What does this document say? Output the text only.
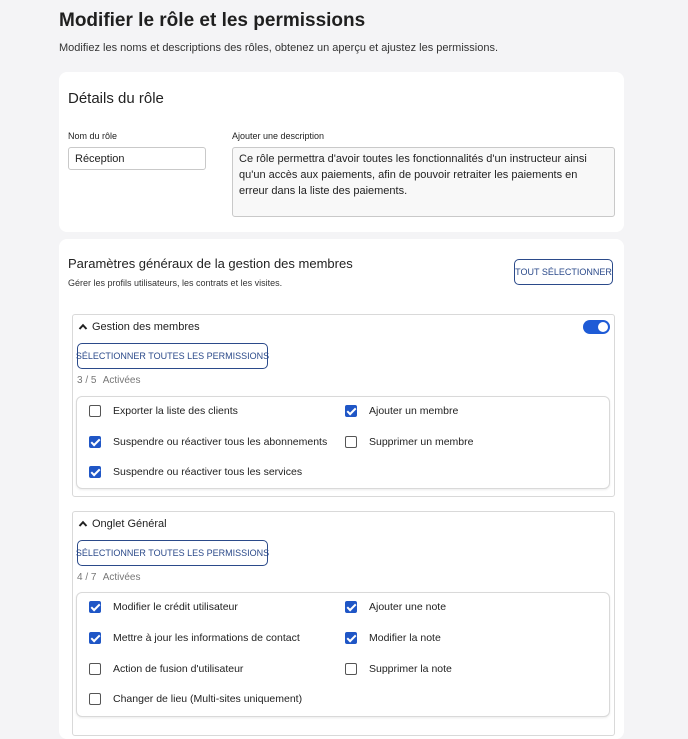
Modifier le rôle et les permissions
Modifiez les noms et descriptions des rôles, obtenez un aperçu et ajustez les permissions.
Détails du rôle
Nom du rôle
Réception
Ajouter une description
Ce rôle permettra d'avoir toutes les fonctionnalités d'un instructeur ainsi qu'un accès aux paiements, afin de pouvoir retraiter les paiements en erreur dans la liste des paiements.
Paramètres généraux de la gestion des membres
Gérer les profils utilisateurs, les contrats et les visites.
TOUT SÉLECTIONNER
Gestion des membres
SÉLECTIONNER TOUTES LES PERMISSIONS
3 / 5 Activées
Exporter la liste des clients	Ajouter un membre
Suspendre ou réactiver tous les abonnements	Supprimer un membre
Suspendre ou réactiver tous les services
Onglet Général
SÉLECTIONNER TOUTES LES PERMISSIONS
4 / 7 Activées
Modifier le crédit utilisateur	Ajouter une note
Mettre à jour les informations de contact	Modifier la note
Action de fusion d'utilisateur	Supprimer la note
Changer de lieu (Multi-sites uniquement)
